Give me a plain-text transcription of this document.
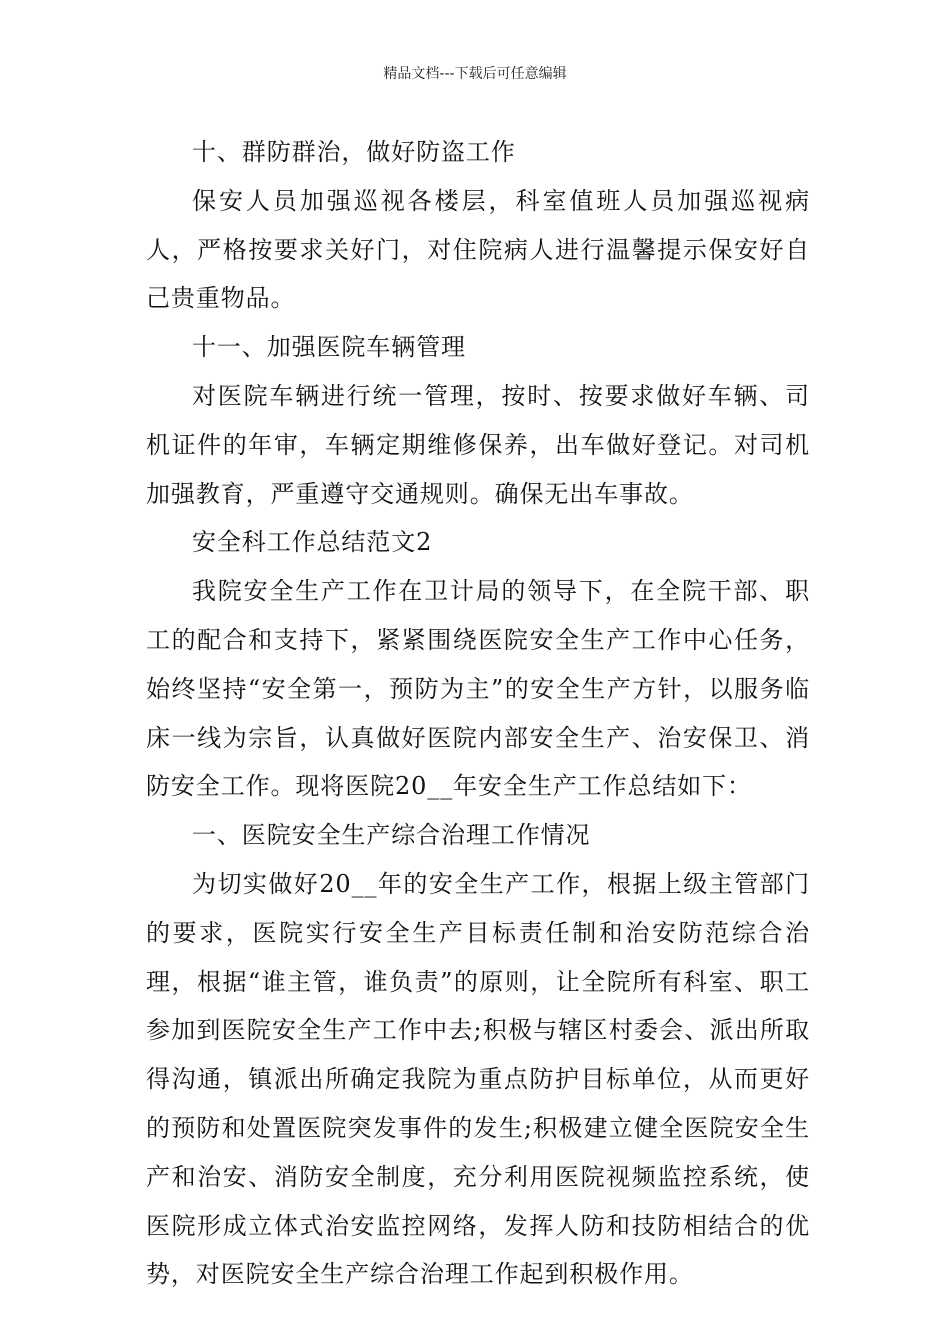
精品文档---下载后可任意编辑

十、群防群治，做好防盗工作

保安人员加强巡视各楼层，科室值班人员加强巡视病人，严格按要求关好门，对住院病人进行温馨提示保安好自己贵重物品。

十一、加强医院车辆管理

对医院车辆进行统一管理，按时、按要求做好车辆、司机证件的年审，车辆定期维修保养，出车做好登记。对司机加强教育，严重遵守交通规则。确保无出车事故。

安全科工作总结范文2

我院安全生产工作在卫计局的领导下，在全院干部、职工的配合和支持下，紧紧围绕医院安全生产工作中心任务，始终坚持“安全第一，预防为主”的安全生产方针，以服务临床一线为宗旨，认真做好医院内部安全生产、治安保卫、消防安全工作。现将医院20__年安全生产工作总结如下：

一、医院安全生产综合治理工作情况

为切实做好20__年的安全生产工作，根据上级主管部门的要求，医院实行安全生产目标责任制和治安防范综合治理，根据“谁主管，谁负责”的原则，让全院所有科室、职工参加到医院安全生产工作中去;积极与辖区村委会、派出所取得沟通，镇派出所确定我院为重点防护目标单位，从而更好的预防和处置医院突发事件的发生;积极建立健全医院安全生产和治安、消防安全制度，充分利用医院视频监控系统，使医院形成立体式治安监控网络，发挥人防和技防相结合的优势，对医院安全生产综合治理工作起到积极作用。
